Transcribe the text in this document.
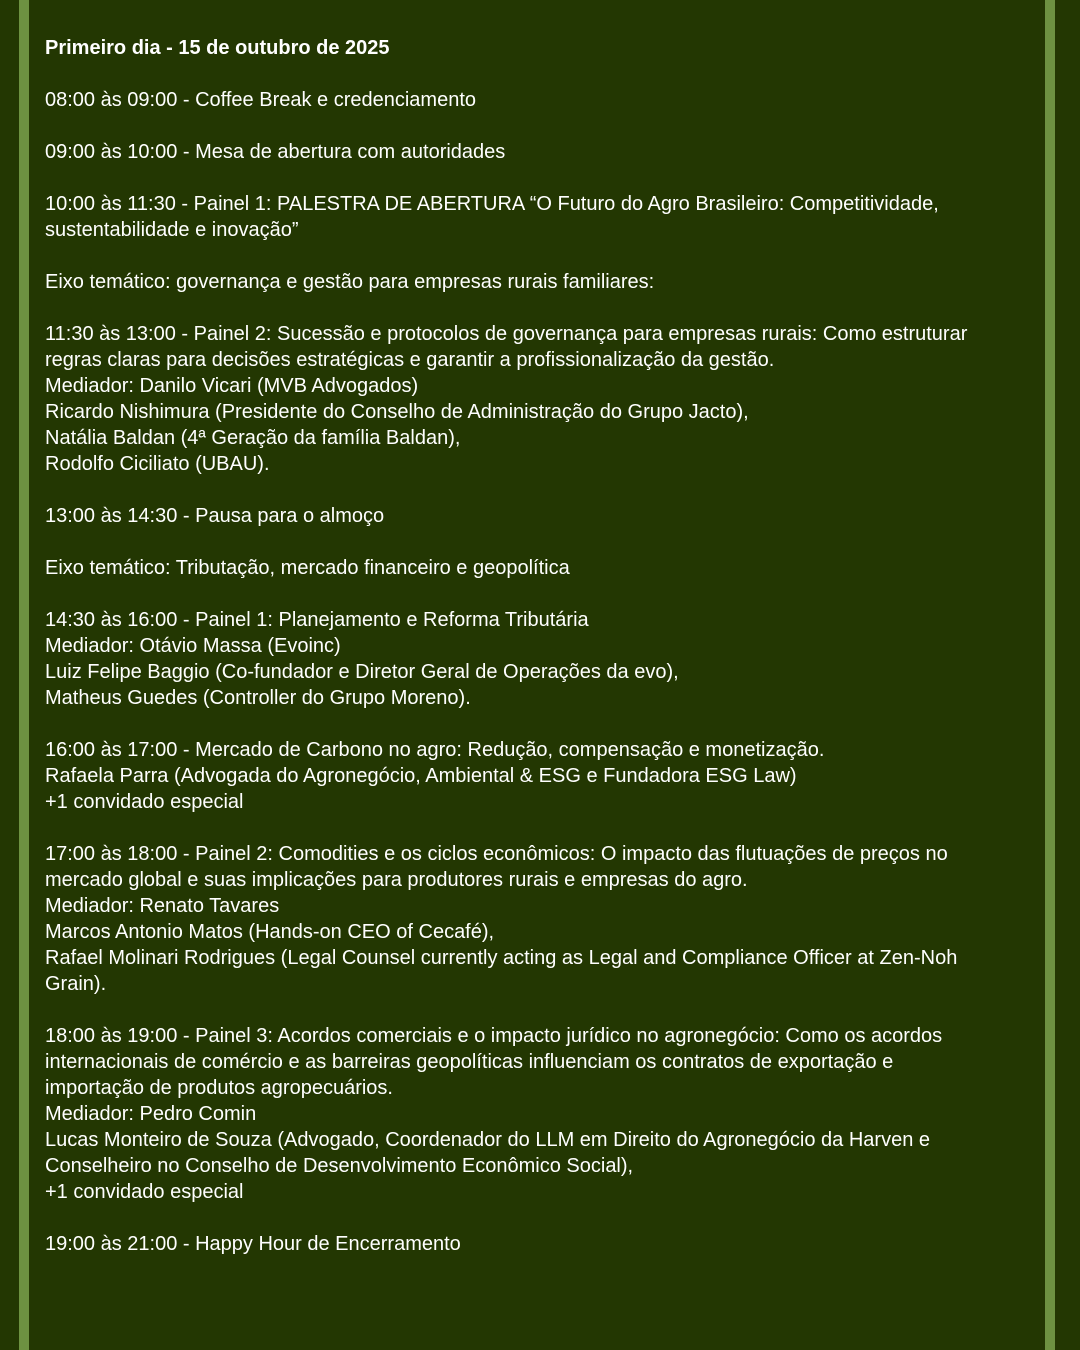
Primeiro dia - 15 de outubro de 2025

08:00 às 09:00 - Coffee Break e credenciamento

09:00 às 10:00 - Mesa de abertura com autoridades

10:00 às 11:30 - Painel 1: PALESTRA DE ABERTURA “O Futuro do Agro Brasileiro: Competitividade,

sustentabilidade e inovação”

Eixo temático: governança e gestão para empresas rurais familiares:

11:30 às 13:00 - Painel 2: Sucessão e protocolos de governança para empresas rurais: Como estruturar

regras claras para decisões estratégicas e garantir a profissionalização da gestão.

Mediador: Danilo Vicari (MVB Advogados)

Ricardo Nishimura (Presidente do Conselho de Administração do Grupo Jacto),

Natália Baldan (4ª Geração da família Baldan),

Rodolfo Ciciliato (UBAU).

13:00 às 14:30 - Pausa para o almoço

Eixo temático: Tributação, mercado financeiro e geopolítica

14:30 às 16:00 - Painel 1: Planejamento e Reforma Tributária

Mediador: Otávio Massa (Evoinc)

Luiz Felipe Baggio (Co-fundador e Diretor Geral de Operações da evo),

Matheus Guedes (Controller do Grupo Moreno).

16:00 às 17:00 - Mercado de Carbono no agro: Redução, compensação e monetização.

Rafaela Parra (Advogada do Agronegócio, Ambiental & ESG e Fundadora ESG Law)

+1 convidado especial

17:00 às 18:00 - Painel 2: Comodities e os ciclos econômicos: O impacto das flutuações de preços no

mercado global e suas implicações para produtores rurais e empresas do agro.

Mediador: Renato Tavares

Marcos Antonio Matos (Hands-on CEO of Cecafé),

Rafael Molinari Rodrigues (Legal Counsel currently acting as Legal and Compliance Officer at Zen-Noh

Grain).

18:00 às 19:00 - Painel 3: Acordos comerciais e o impacto jurídico no agronegócio: Como os acordos

internacionais de comércio e as barreiras geopolíticas influenciam os contratos de exportação e

importação de produtos agropecuários.

Mediador: Pedro Comin

Lucas Monteiro de Souza (Advogado, Coordenador do LLM em Direito do Agronegócio da Harven e

Conselheiro no Conselho de Desenvolvimento Econômico Social),

+1 convidado especial

19:00 às 21:00 - Happy Hour de Encerramento
